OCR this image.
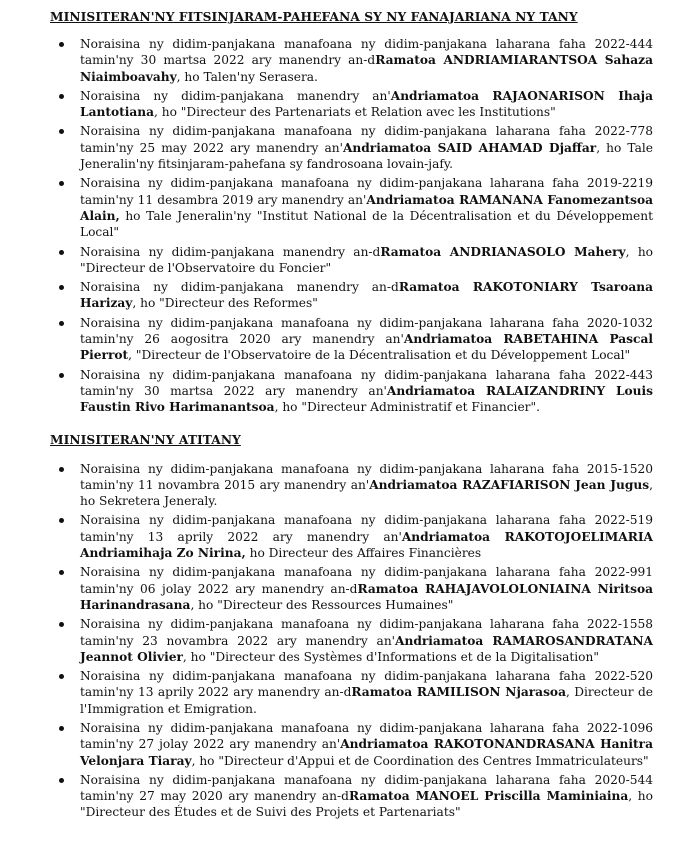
MINISITERAN'NY FITSINJARAM-PAHEFANA SY NY FANAJARIANA NY TANY
Noraisina ny didim-panjakana manafoana ny didim-panjakana laharana faha 2022-444 tamin'ny 30 martsa 2022 ary manendry an-dRamatoa ANDRIAMIARANTSOA Sahaza Niaimboavahy, ho Talen'ny Serasera.
Noraisina ny didim-panjakana manendry an'Andriamatoa RAJAONARISON Ihaja Lantotiana, ho "Directeur des Partenariats et Relation avec les Institutions"
Noraisina ny didim-panjakana manafoana ny didim-panjakana laharana faha 2022-778 tamin'ny 25 may 2022 ary manendry an'Andriamatoa SAID AHAMAD Djaffar, ho Tale Jeneralin'ny fitsinjaram-pahefana sy fandrosoana lovain-jafy.
Noraisina ny didim-panjakana manafoana ny didim-panjakana laharana faha 2019-2219 tamin'ny 11 desambra 2019 ary manendry an'Andriamatoa RAMANANA Fanomezantsoa Alain, ho Tale Jeneralin'ny "Institut National de la Décentralisation et du Développement Local"
Noraisina ny didim-panjakana manendry an-dRamatoa ANDRIANASOLO Mahery, ho "Directeur de l'Observatoire du Foncier"
Noraisina ny didim-panjakana manendry an-dRamatoa RAKOTONIARY Tsaroana Harizay, ho "Directeur des Reformes"
Noraisina ny didim-panjakana manafoana ny didim-panjakana laharana faha 2020-1032 tamin'ny 26 aogositra 2020 ary manendry an'Andriamatoa RABETAHINA Pascal Pierrot, "Directeur de l'Observatoire de la Décentralisation et du Développement Local"
Noraisina ny didim-panjakana manafoana ny didim-panjakana laharana faha 2022-443 tamin'ny 30 martsa 2022 ary manendry an'Andriamatoa RALAIZANDRINY Louis Faustin Rivo Harimanantsoa, ho "Directeur Administratif et Financier".
MINISITERAN'NY ATITANY
Noraisina ny didim-panjakana manafoana ny didim-panjakana laharana faha 2015-1520 tamin'ny 11 novambra 2015 ary manendry an'Andriamatoa RAZAFIARISON Jean Jugus, ho Sekretera Jeneraly.
Noraisina ny didim-panjakana manafoana ny didim-panjakana laharana faha 2022-519 tamin'ny 13 aprily 2022 ary manendry an'Andriamatoa RAKOTOJOELIMARIA Andriamihaja Zo Nirina, ho Directeur des Affaires Financières
Noraisina ny didim-panjakana manafoana ny didim-panjakana laharana faha 2022-991 tamin'ny 06 jolay 2022 ary manendry an-dRamatoa RAHAJAVOLOLONIAINA Niritsoa Harinandrasana, ho "Directeur des Ressources Humaines"
Noraisina ny didim-panjakana manafoana ny didim-panjakana laharana faha 2022-1558 tamin'ny 23 novambra 2022 ary manendry an'Andriamatoa RAMAROSANDRATANA Jeannot Olivier, ho "Directeur des Systèmes d'Informations et de la Digitalisation"
Noraisina ny didim-panjakana manafoana ny didim-panjakana laharana faha 2022-520 tamin'ny 13 aprily 2022 ary manendry an-dRamatoa RAMILISON Njarasoa, Directeur de l'Immigration et Emigration.
Noraisina ny didim-panjakana manafoana ny didim-panjakana laharana faha 2022-1096 tamin'ny 27 jolay 2022 ary manendry an'Andriamatoa RAKOTONANDRASANA Hanitra Velonjara Tiaray, ho "Directeur d'Appui et de Coordination des Centres Immatriculateurs"
Noraisina ny didim-panjakana manafoana ny didim-panjakana laharana faha 2020-544 tamin'ny 27 may 2020 ary manendry an-dRamatoa MANOEL Priscilla Maminiaina, ho "Directeur des Études et de Suivi des Projets et Partenariats"
